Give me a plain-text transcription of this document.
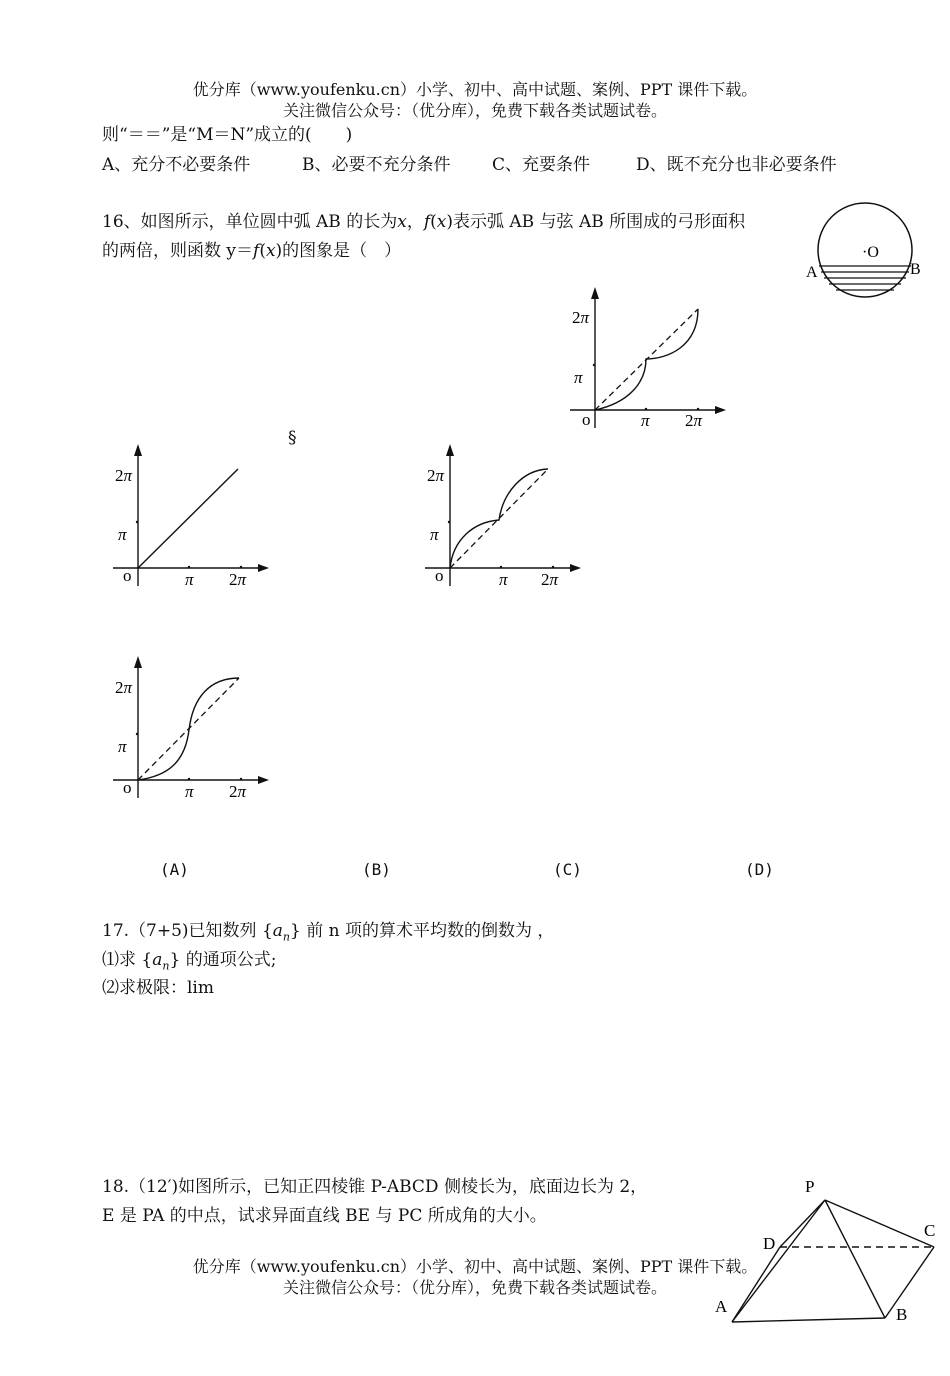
优分库（www.youfenku.cn）小学、初中、高中试题、案例、PPT 课件下载。
关注微信公众号：（优分库），免费下载各类试题试卷。
则“＝＝”是“M＝N”成立的(　　)
A、充分不必要条件	B、必要不充分条件 C、充要条件	D、既不充分也非必要条件
16、如图所示，单位圆中弧 AB 的长为x，f(x)表示弧 AB 与弦 AB 所围成的弓形面积
的两倍，则函数 y＝f(x)的图象是（　）	·O
A	B
o	π 2π
2π
π
§
o	π 2π
2π
π
o	π 2π
2π
π
o	π 2π
2π
π
(A)	(B)	(C)	(D)
17.（7+5)已知数列 $\{a_n\}$ 前 n 项的算术平均数的倒数为 ，
⑴求 $\{a_n\}$ 的通项公式;
⑵求极限：lim
18.（12′)如图所示，已知正四棱锥 P-ABCD 侧棱长为，底面边长为 2，
E 是 PA 的中点，试求异面直线 BE 与 PC 所成角的大小。
P
A	B
C
D
优分库（www.youfenku.cn）小学、初中、高中试题、案例、PPT 课件下载。
关注微信公众号：（优分库），免费下载各类试题试卷。
